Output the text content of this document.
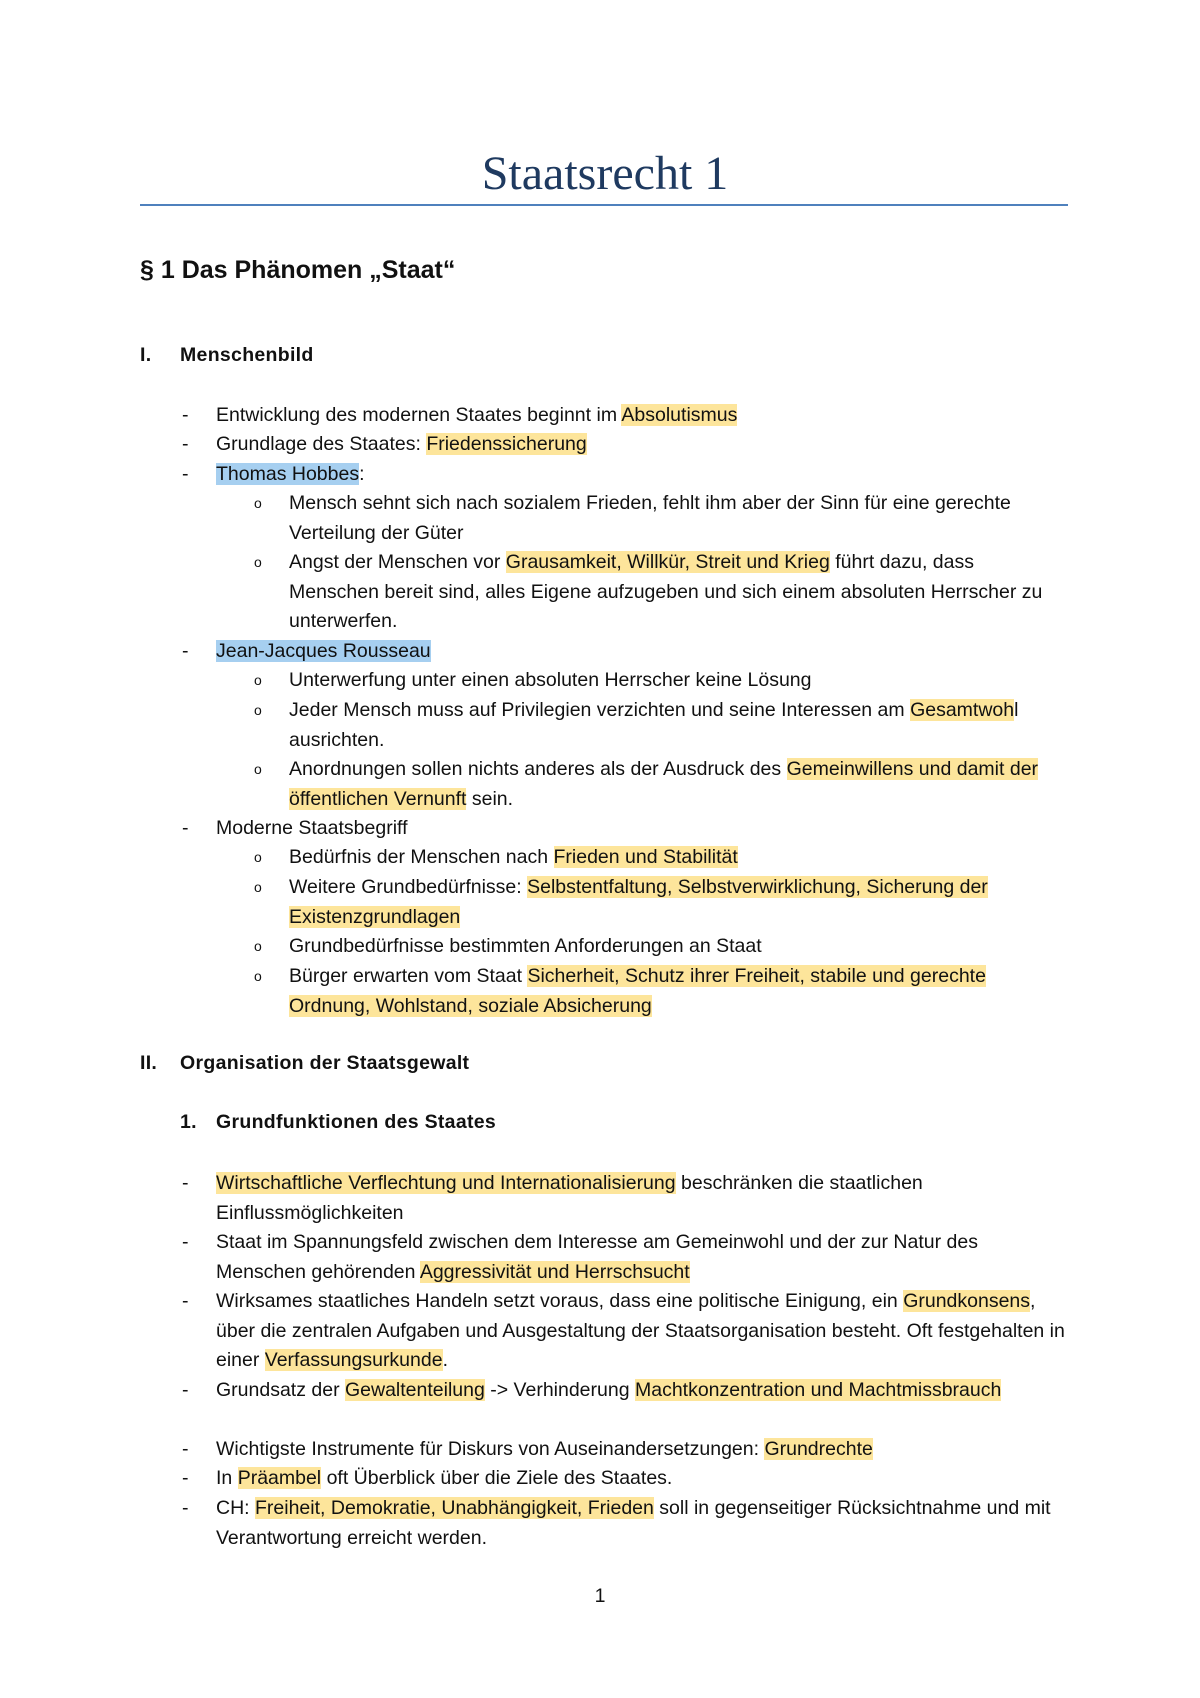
Staatsrecht 1
§ 1 Das Phänomen „Staat“
I. Menschenbild
- Entwicklung des modernen Staates beginnt im Absolutismus
- Grundlage des Staates: Friedenssicherung
- Thomas Hobbes:
o Mensch sehnt sich nach sozialem Frieden, fehlt ihm aber der Sinn für eine gerechte Verteilung der Güter
o Angst der Menschen vor Grausamkeit, Willkür, Streit und Krieg führt dazu, dass Menschen bereit sind, alles Eigene aufzugeben und sich einem absoluten Herrscher zu unterwerfen.
- Jean-Jacques Rousseau
o Unterwerfung unter einen absoluten Herrscher keine Lösung
o Jeder Mensch muss auf Privilegien verzichten und seine Interessen am Gesamtwohl ausrichten.
o Anordnungen sollen nichts anderes als der Ausdruck des Gemeinwillens und damit der öffentlichen Vernunft sein.
- Moderne Staatsbegriff
o Bedürfnis der Menschen nach Frieden und Stabilität
o Weitere Grundbedürfnisse: Selbstentfaltung, Selbstverwirklichung, Sicherung der Existenzgrundlagen
o Grundbedürfnisse bestimmten Anforderungen an Staat
o Bürger erwarten vom Staat Sicherheit, Schutz ihrer Freiheit, stabile und gerechte Ordnung, Wohlstand, soziale Absicherung
II. Organisation der Staatsgewalt
1. Grundfunktionen des Staates
- Wirtschaftliche Verflechtung und Internationalisierung beschränken die staatlichen Einflussmöglichkeiten
- Staat im Spannungsfeld zwischen dem Interesse am Gemeinwohl und der zur Natur des Menschen gehörenden Aggressivität und Herrschsucht
- Wirksames staatliches Handeln setzt voraus, dass eine politische Einigung, ein Grundkonsens, über die zentralen Aufgaben und Ausgestaltung der Staatsorganisation besteht. Oft festgehalten in einer Verfassungsurkunde.
- Grundsatz der Gewaltenteilung -> Verhinderung Machtkonzentration und Machtmissbrauch
- Wichtigste Instrumente für Diskurs von Auseinandersetzungen: Grundrechte
- In Präambel oft Überblick über die Ziele des Staates.
- CH: Freiheit, Demokratie, Unabhängigkeit, Frieden soll in gegenseitiger Rücksichtnahme und mit Verantwortung erreicht werden.
1
